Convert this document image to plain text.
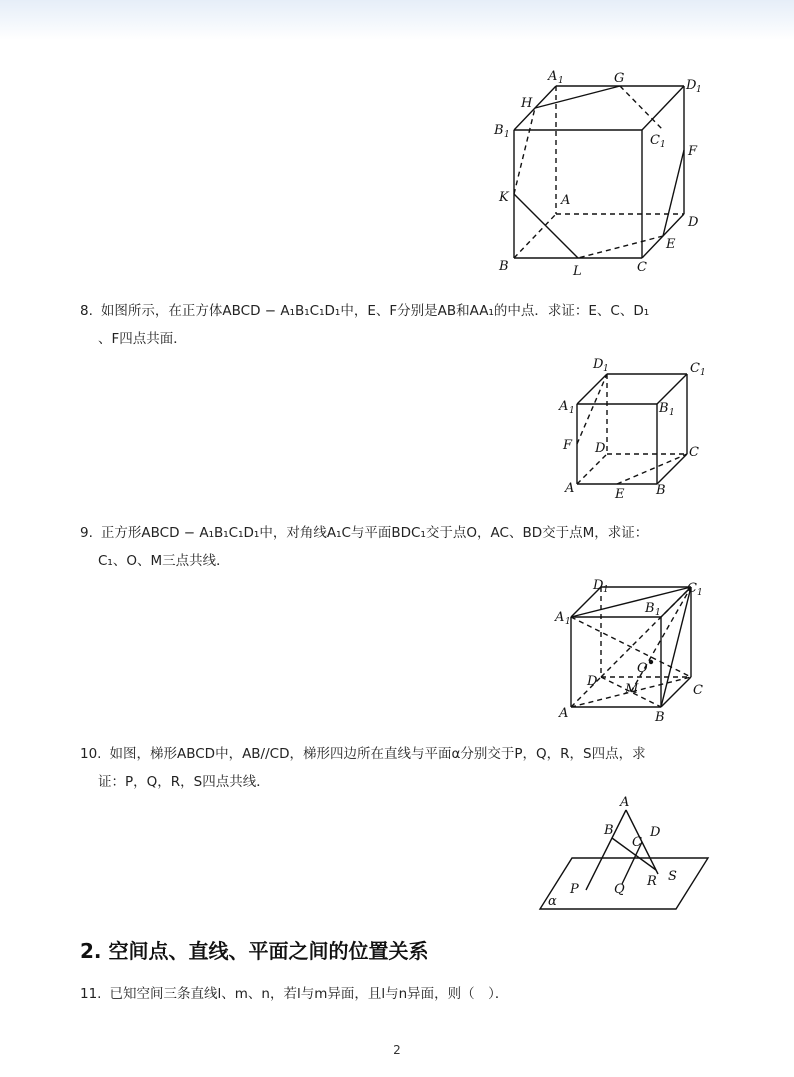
A 1	G	D 1
H
B 1	C 1 F
K	A
D
E
B	L	C
8. 如图所示，在正方体ABCD − A₁B₁C₁D₁中，E、F分别是AB和AA₁的中点．求证：E、C、D₁
、F四点共面．
D 1	C 1
A 1	B 1
F D	C
A	E B
9. 正方形ABCD − A₁B₁C₁D₁中，对角线A₁C与平面BDC₁交于点O，AC、BD交于点M，求证：
C₁、O、M三点共线．
D 1	C 1
B 1
A 1
O
D
M	C
A	B
10. 如图，梯形ABCD中，AB//CD，梯形四边所在直线与平面α分别交于P，Q，R，S四点，求
证：P，Q，R，S四点共线．
A
B
C
D
P	Q
R S
α
2. 空间点、直线、平面之间的位置关系
11. 已知空间三条直线l、m、n，若l与m异面，且l与n异面，则（　）．
2
